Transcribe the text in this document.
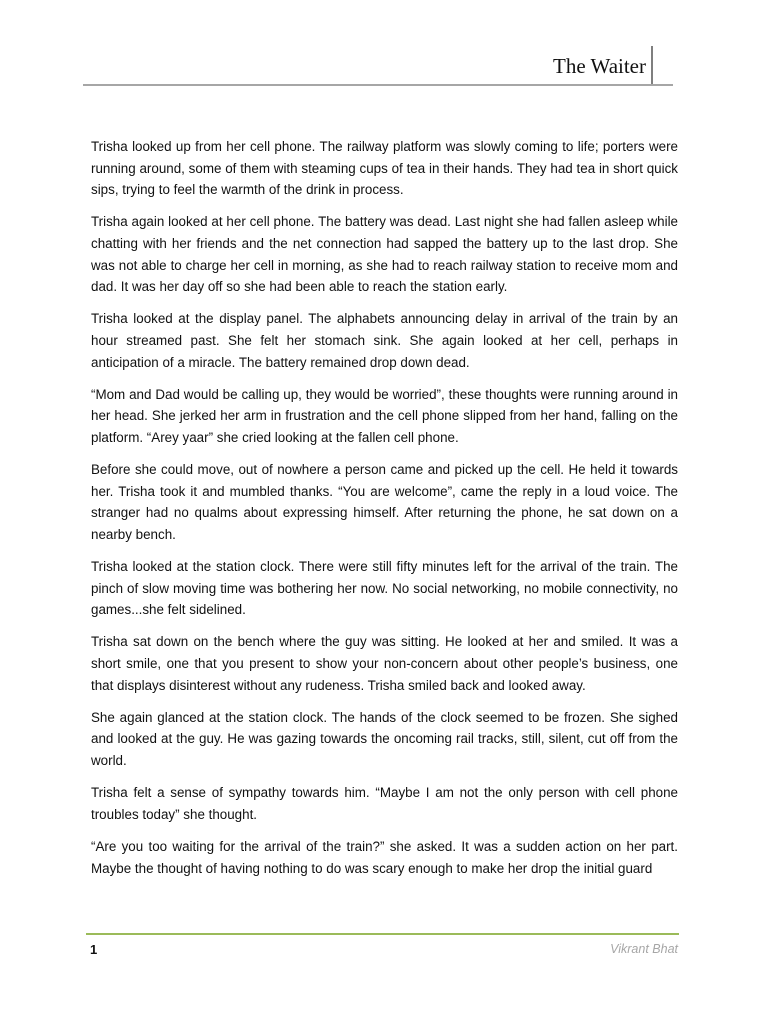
The Waiter

Trisha looked up from her cell phone. The railway platform was slowly coming to life; porters were running around, some of them with steaming cups of tea in their hands. They had tea in short quick sips, trying to feel the warmth of the drink in process.

Trisha again looked at her cell phone. The battery was dead. Last night she had fallen asleep while chatting with her friends and the net connection had sapped the battery up to the last drop. She was not able to charge her cell in morning, as she had to reach railway station to receive mom and dad. It was her day off so she had been able to reach the station early.

Trisha looked at the display panel. The alphabets announcing delay in arrival of the train by an hour streamed past. She felt her stomach sink. She again looked at her cell, perhaps in anticipation of a miracle. The battery remained drop down dead.

“Mom and Dad would be calling up, they would be worried”, these thoughts were running around in her head. She jerked her arm in frustration and the cell phone slipped from her hand, falling on the platform. “Arey yaar” she cried looking at the fallen cell phone.

Before she could move, out of nowhere a person came and picked up the cell. He held it towards her. Trisha took it and mumbled thanks. “You are welcome”, came the reply in a loud voice. The stranger had no qualms about expressing himself. After returning the phone, he sat down on a nearby bench.

Trisha looked at the station clock. There were still fifty minutes left for the arrival of the train. The pinch of slow moving time was bothering her now. No social networking, no mobile connectivity, no games...she felt sidelined.

Trisha sat down on the bench where the guy was sitting. He looked at her and smiled. It was a short smile, one that you present to show your non-concern about other people’s business, one that displays disinterest without any rudeness. Trisha smiled back and looked away.

She again glanced at the station clock. The hands of the clock seemed to be frozen. She sighed and looked at the guy. He was gazing towards the oncoming rail tracks, still, silent, cut off from the world.

Trisha felt a sense of sympathy towards him. “Maybe I am not the only person with cell phone troubles today” she thought.

“Are you too waiting for the arrival of the train?” she asked. It was a sudden action on her part. Maybe the thought of having nothing to do was scary enough to make her drop the initial guard

1	Vikrant Bhat
